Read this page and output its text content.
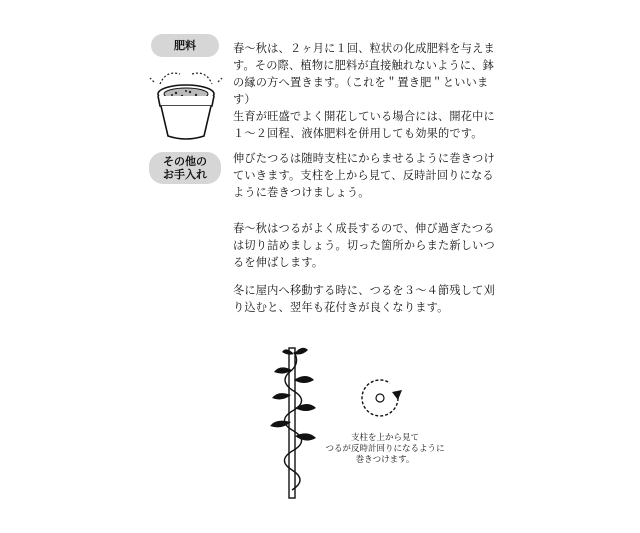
肥料	春～秋は、２ヶ月に１回、粒状の化成肥料を与えます。その際、植物に肥料が直接触れないように、鉢の縁の方へ置きます。（これを＂置き肥＂といいます）
生育が旺盛でよく開花している場合には、開花中に１～２回程、液体肥料を併用しても効果的です。

その他の
お手入れ

伸びたつるは随時支柱にからませるように巻きつけていきます。支柱を上から見て、反時計回りになるように巻きつけましょう。

春～秋はつるがよく成長するので、伸び過ぎたつるは切り詰めましょう。切った箇所からまた新しいつるを伸ばします。

冬に屋内へ移動する時に、つるを３～４節残して刈り込むと、翌年も花付きが良くなります。

支柱を上から見て
つるが反時計回りになるように
巻きつけます。
